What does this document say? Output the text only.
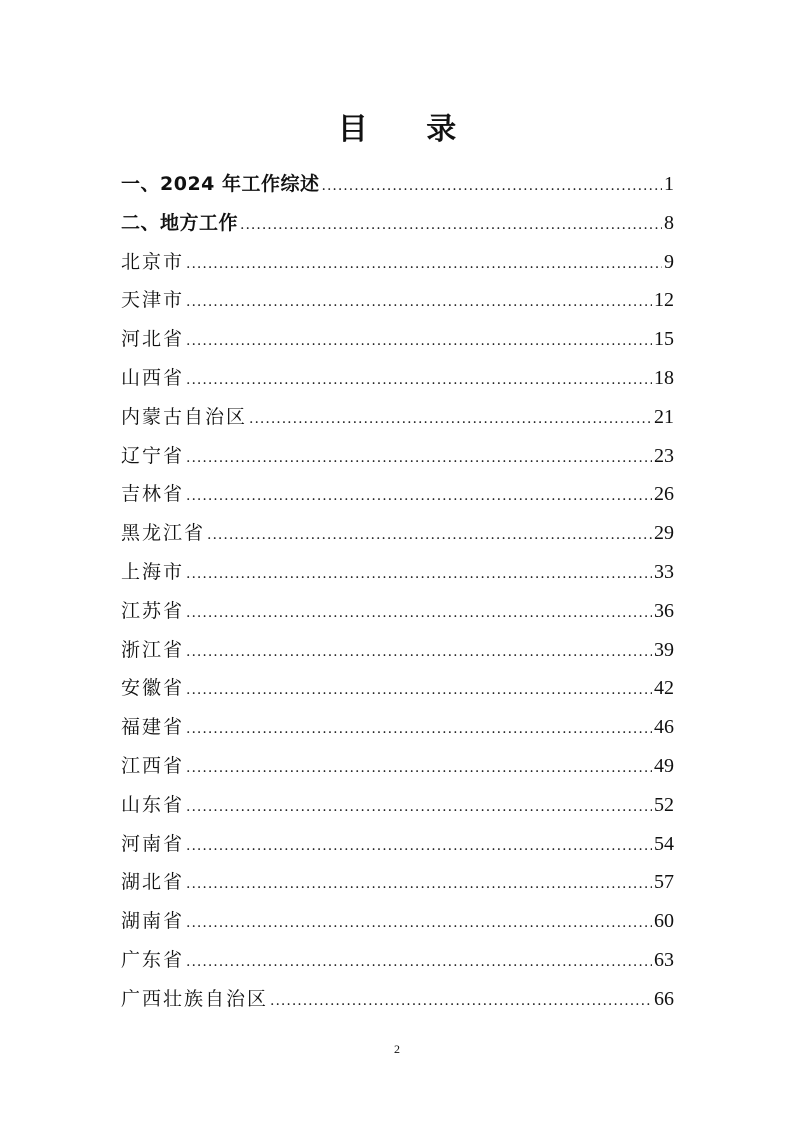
目 录
一、2024 年工作综述 .....	1
二、地方工作 .....	8
北京市 .....	9
天津市 .....	12
河北省 .....	15
山西省 .....	18
内蒙古自治区 .....	21
辽宁省 .....	23
吉林省 .....	26
黑龙江省 .....	29
上海市 .....	33
江苏省 .....	36
浙江省 .....	39
安徽省 .....	42
福建省 .....	46
江西省 .....	49
山东省 .....	52
河南省 .....	54
湖北省 .....	57
湖南省 .....	60
广东省 .....	63
广西壮族自治区 .....	66
2
